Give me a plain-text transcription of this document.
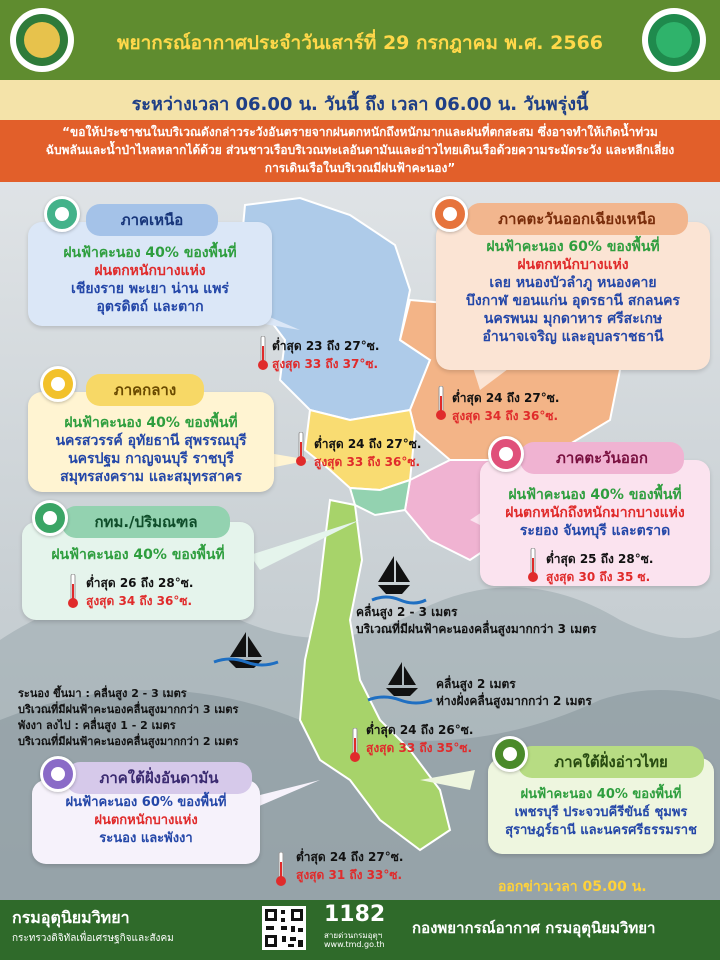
พยากรณ์อากาศประจำวันเสาร์ที่ 29 กรกฎาคม พ.ศ. 2566
ระหว่างเวลา 06.00 น. วันนี้ ถึง เวลา 06.00 น. วันพรุ่งนี้
“ขอให้ประชาชนในบริเวณดังกล่าวระวังอันตรายจากฝนตกหนักถึงหนักมากและฝนที่ตกสะสม ซึ่งอาจทำให้เกิดน้ำท่วม
ฉับพลันและน้ำป่าไหลหลากได้ด้วย ส่วนชาวเรือบริเวณทะเลอันดามันและอ่าวไทยเดินเรือด้วยความระมัดระวัง และหลีกเลี่ยง
การเดินเรือในบริเวณมีฝนฟ้าคะนอง”
ภาคเหนือ
ฝนฟ้าคะนอง 40% ของพื้นที่
ฝนตกหนักบางแห่ง
เชียงราย พะเยา น่าน แพร่
อุตรดิตถ์ และตาก
ต่ำสุด 23 ถึง 27°ซ.
สูงสุด 33 ถึง 37°ซ.
ภาคตะวันออกเฉียงเหนือ
ฝนฟ้าคะนอง 60% ของพื้นที่
ฝนตกหนักบางแห่ง
เลย หนองบัวลำภู หนองคาย
บึงกาฬ ขอนแก่น อุดรธานี สกลนคร
นครพนม มุกดาหาร ศรีสะเกษ
อำนาจเจริญ และอุบลราชธานี
ต่ำสุด 24 ถึง 27°ซ.
สูงสุด 34 ถึง 36°ซ.
ภาคกลาง
ฝนฟ้าคะนอง 40% ของพื้นที่
นครสวรรค์ อุทัยธานี สุพรรณบุรี
นครปฐม กาญจนบุรี ราชบุรี
สมุทรสงคราม และสมุทรสาคร
ต่ำสุด 24 ถึง 27°ซ.
สูงสุด 33 ถึง 36°ซ.	ภาคตะวันออก
ฝนฟ้าคะนอง 40% ของพื้นที่
ฝนตกหนักถึงหนักมากบางแห่ง
ระยอง จันทบุรี และตราด
ต่ำสุด 25 ถึง 28°ซ.
สูงสุด 30 ถึง 35 ซ.
กทม./ปริมณฑล
ฝนฟ้าคะนอง 40% ของพื้นที่
ต่ำสุด 26 ถึง 28°ซ.
สูงสุด 34 ถึง 36°ซ.
คลื่นสูง 2 - 3 เมตร
บริเวณที่มีฝนฟ้าคะนองคลื่นสูงมากกว่า 3 เมตร
คลื่นสูง 2 เมตร
ห่างฝั่งคลื่นสูงมากกว่า 2 เมตร
ระนอง ขึ้นมา : คลื่นสูง 2 - 3 เมตร
บริเวณที่มีฝนฟ้าคะนองคลื่นสูงมากกว่า 3 เมตร
พังงา ลงไป : คลื่นสูง 1 - 2 เมตร
บริเวณที่มีฝนฟ้าคะนองคลื่นสูงมากกว่า 2 เมตร
ภาคใต้ฝั่งอ่าวไทย
ฝนฟ้าคะนอง 40% ของพื้นที่
เพชรบุรี ประจวบคีรีขันธ์ ชุมพร
สุราษฎร์ธานี และนครศรีธรรมราช
ต่ำสุด 24 ถึง 26°ซ.
สูงสุด 33 ถึง 35°ซ.
ภาคใต้ฝั่งอันดามัน
ฝนฟ้าคะนอง 60% ของพื้นที่
ฝนตกหนักบางแห่ง
ระนอง และพังงา
ต่ำสุด 24 ถึง 27°ซ.
สูงสุด 31 ถึง 33°ซ.
ออกข่าวเวลา 05.00 น.
กรมอุตุนิยมวิทยา
กระทรวงดิจิทัลเพื่อเศรษฐกิจและสังคม
1182
สายด่วนกรมอุตุฯ
www.tmd.go.th
กองพยากรณ์อากาศ กรมอุตุนิยมวิทยา
